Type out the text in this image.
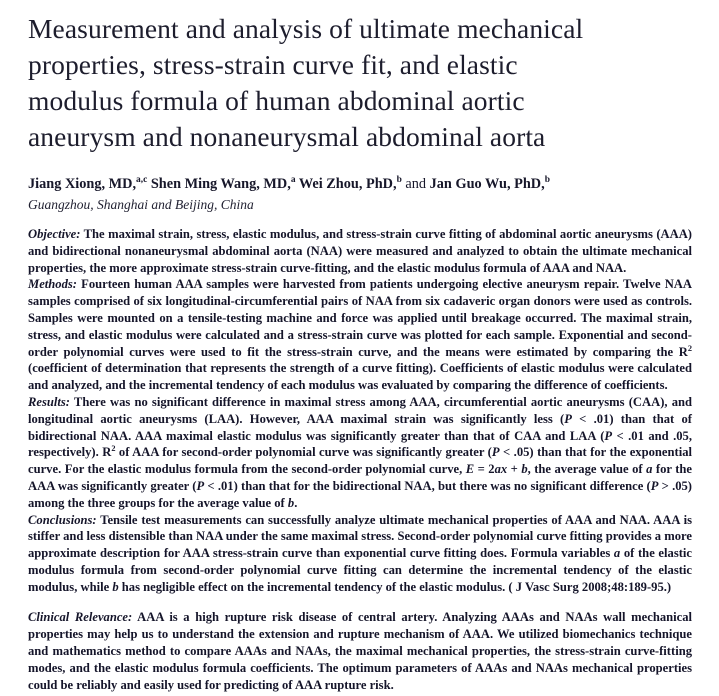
Measurement and analysis of ultimate mechanical
properties, stress-strain curve fit, and elastic
modulus formula of human abdominal aortic
aneurysm and nonaneurysmal abdominal aorta
Jiang Xiong, MD,$^{a,c}$ Shen Ming Wang, MD,$^a$ Wei Zhou, PhD,$^b$ and Jan Guo Wu, PhD,$^b$
Guangzhou, Shanghai and Beijing, China

Objective: The maximal strain, stress, elastic modulus, and stress-strain curve fitting of abdominal aortic aneurysms (AAA) and bidirectional nonaneurysmal abdominal aorta (NAA) were measured and analyzed to obtain the ultimate mechanical properties, the more approximate stress-strain curve-fitting, and the elastic modulus formula of AAA and NAA.

Methods: Fourteen human AAA samples were harvested from patients undergoing elective aneurysm repair. Twelve NAA samples comprised of six longitudinal-circumferential pairs of NAA from six cadaveric organ donors were used as controls. Samples were mounted on a tensile-testing machine and force was applied until breakage occurred. The maximal strain, stress, and elastic modulus were calculated and a stress-strain curve was plotted for each sample. Exponential and second-order polynomial curves were used to fit the stress-strain curve, and the means were estimated by comparing the $R^2$ (coefficient of determination that represents the strength of a curve fitting). Coefficients of elastic modulus were calculated and analyzed, and the incremental tendency of each modulus was evaluated by comparing the difference of coefficients.

Results: There was no significant difference in maximal stress among AAA, circumferential aortic aneurysms (CAA), and longitudinal aortic aneurysms (LAA). However, AAA maximal strain was significantly less (P < .01) than that of bidirectional NAA. AAA maximal elastic modulus was significantly greater than that of CAA and LAA (P < .01 and .05, respectively). $R^2$ of AAA for second-order polynomial curve was significantly greater (P < .05) than that for the exponential curve. For the elastic modulus formula from the second-order polynomial curve, E = 2ax + b, the average value of a for the AAA was significantly greater (P < .01) than that for the bidirectional NAA, but there was no significant difference (P > .05) among the three groups for the average value of b.

Conclusions: Tensile test measurements can successfully analyze ultimate mechanical properties of AAA and NAA. AAA is stiffer and less distensible than NAA under the same maximal stress. Second-order polynomial curve fitting provides a more approximate description for AAA stress-strain curve than exponential curve fitting does. Formula variables a of the elastic modulus formula from second-order polynomial curve fitting can determine the incremental tendency of the elastic modulus, while b has negligible effect on the incremental tendency of the elastic modulus. ( J Vasc Surg 2008;48:189-95.)

Clinical Relevance: AAA is a high rupture risk disease of central artery. Analyzing AAAs and NAAs wall mechanical properties may help us to understand the extension and rupture mechanism of AAA. We utilized biomechanics technique and mathematics method to compare AAAs and NAAs, the maximal mechanical properties, the stress-strain curve-fitting modes, and the elastic modulus formula coefficients. The optimum parameters of AAAs and NAAs mechanical properties could be reliably and easily used for predicting of AAA rupture risk.
